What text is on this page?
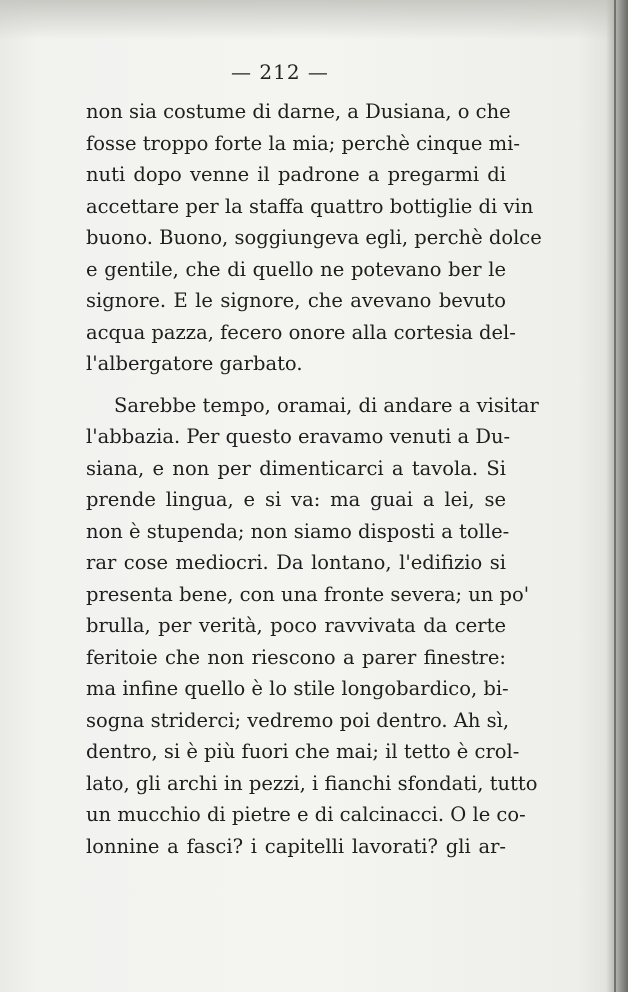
— 212 —

non sia costume di darne, a Dusiana, o che
fosse troppo forte la mia; perchè cinque mi-
nuti dopo venne il padrone a pregarmi di
accettare per la staffa quattro bottiglie di vin
buono. Buono, soggiungeva egli, perchè dolce
e gentile, che di quello ne potevano ber le
signore. E le signore, che avevano bevuto
acqua pazza, fecero onore alla cortesia del-
l'albergatore garbato.

Sarebbe tempo, oramai, di andare a visitar
l'abbazia. Per questo eravamo venuti a Du-
siana, e non per dimenticarci a tavola. Si
prende lingua, e si va: ma guai a lei, se
non è stupenda; non siamo disposti a tolle-
rar cose mediocri. Da lontano, l'edifizio si
presenta bene, con una fronte severa; un po'
brulla, per verità, poco ravvivata da certe
feritoie che non riescono a parer finestre:
ma infine quello è lo stile longobardico, bi-
sogna striderci; vedremo poi dentro. Ah sì,
dentro, si è più fuori che mai; il tetto è crol-
lato, gli archi in pezzi, i fianchi sfondati, tutto
un mucchio di pietre e di calcinacci. O le co-
lonnine a fasci? i capitelli lavorati? gli ar-
